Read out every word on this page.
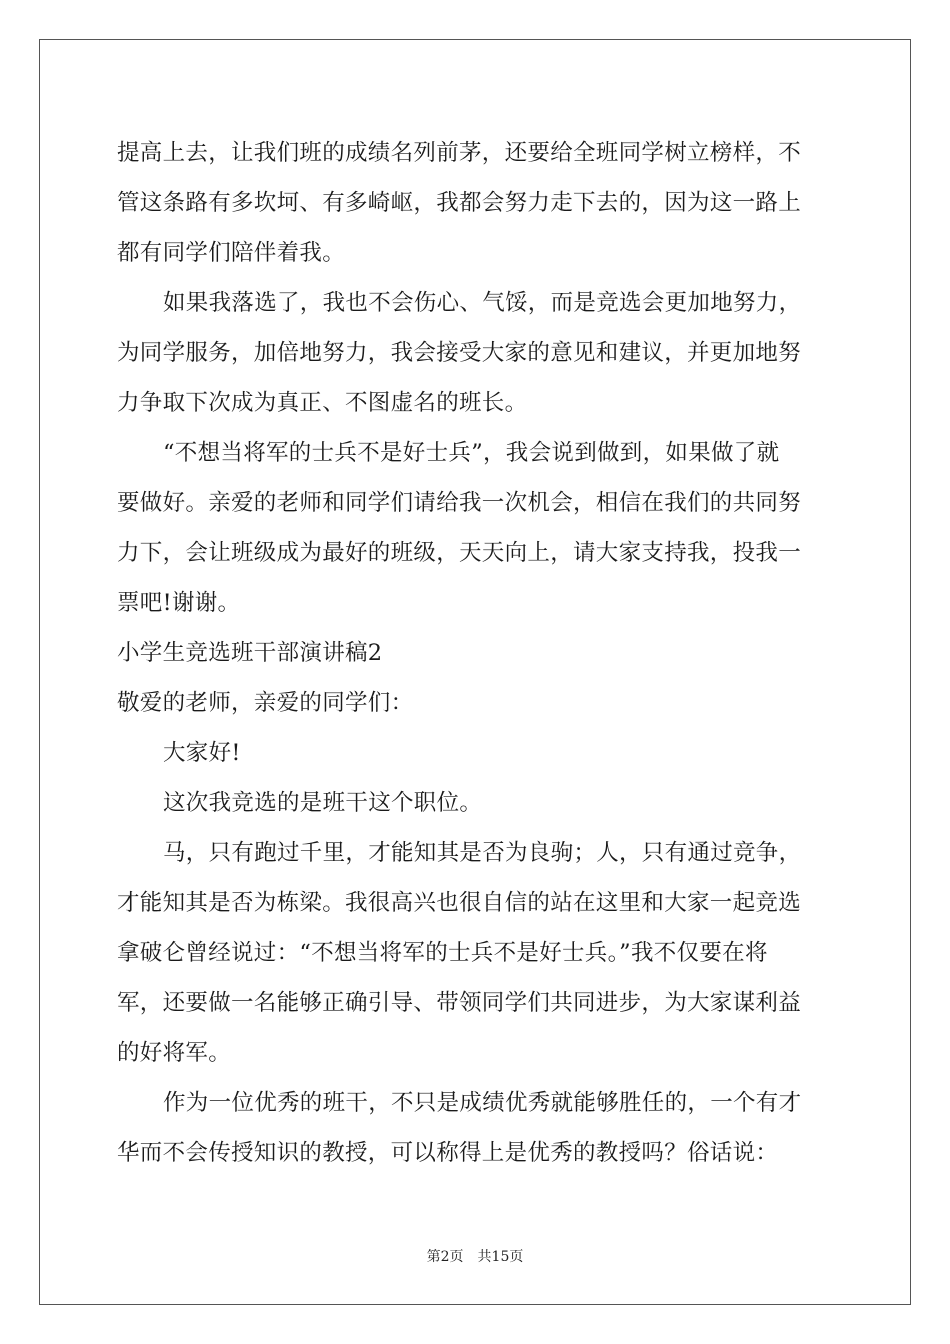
提高上去，让我们班的成绩名列前茅，还要给全班同学树立榜样，不
管这条路有多坎坷、有多崎岖，我都会努力走下去的，因为这一路上
都有同学们陪伴着我。
如果我落选了，我也不会伤心、气馁，而是竞选会更加地努力，
为同学服务，加倍地努力，我会接受大家的意见和建议，并更加地努
力争取下次成为真正、不图虚名的班长。
“不想当将军的士兵不是好士兵”，我会说到做到，如果做了就
要做好。亲爱的老师和同学们请给我一次机会，相信在我们的共同努
力下，会让班级成为最好的班级，天天向上，请大家支持我，投我一
票吧!谢谢。
小学生竞选班干部演讲稿2
敬爱的老师，亲爱的同学们：
大家好!
这次我竞选的是班干这个职位。
马，只有跑过千里，才能知其是否为良驹；人，只有通过竞争，
才能知其是否为栋梁。我很高兴也很自信的站在这里和大家一起竞选
拿破仑曾经说过：“不想当将军的士兵不是好士兵。”我不仅要在将
军，还要做一名能够正确引导、带领同学们共同进步，为大家谋利益
的好将军。
作为一位优秀的班干，不只是成绩优秀就能够胜任的，一个有才
华而不会传授知识的教授，可以称得上是优秀的教授吗？俗话说：
第2页 共15页
